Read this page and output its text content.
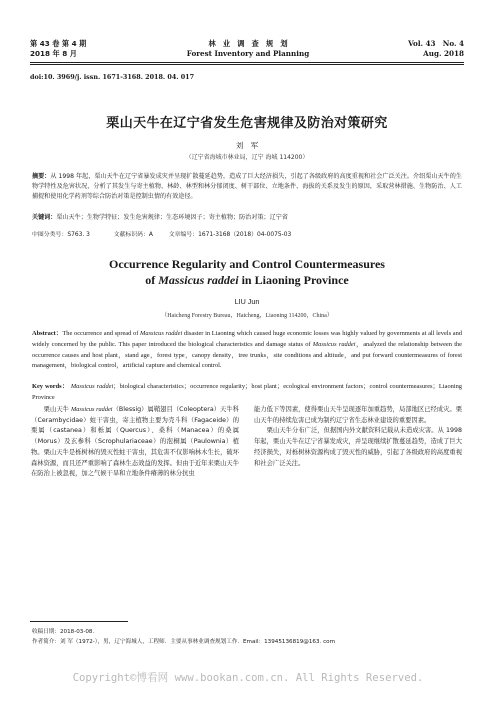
第 43 卷 第 4 期
2018 年 8 月
林　业　调　查　规　划
Forest Inventory and Planning
Vol. 43　No. 4
Aug. 2018
doi:10. 3969/j. issn. 1671-3168. 2018. 04. 017
栗山天牛在辽宁省发生危害规律及防治对策研究
刘　军
（辽宁省海城市林业局，辽宁 海城 114200）
摘要：从 1998 年起，栗山天牛在辽宁省暴发成灾并呈现扩散蔓延趋势，造成了巨大经济损失，引起了各级政府的高度重视和社会广泛关注。介绍栗山天牛的生物学特性及危害状况，分析了其发生与寄主植物、林龄、林型和林分郁闭度、树干部位、立地条件、海拔的关系及发生的原因，采取营林措施、生物防治、人工捕捉和使用化学药剂等综合防治对策是控制虫情的有效途径。
关键词：栗山天牛；生物学特征；发生危害规律；生态环境因子；寄主植物；防治对策；辽宁省
中图分类号：S763. 3	文献标识码：A	文章编号：1671-3168（2018）04-0075-03
Occurrence Regularity and Control Countermeasures
of Massicus raddei in Liaoning Province
LIU Jun
（Haicheng Forestry Bureau，Haicheng，Liaoning 114200，China）
Abstract：The occurrence and spread of Massicus raddei disaster in Liaoning which caused huge economic losses was highly valued by governments at all levels and widely concerned by the public. This paper introduced the biological characteristics and damage status of Massicus raddei，analyzed the relationship between the occurrence causes and host plant，stand age，forest type，canopy density，tree trunks，site conditions and altitude，and put forward countermeasures of forest management，biological control，artificial capture and chemical control.
Key words： Massicus raddei；biological characteristics；occurrence regularity；host plant；ecological environment factors；control countermeasures；Liaoning Province
　　栗山天牛 Massicus raddei（Blessig）属鞘翅目（Coleoptera）天牛科（Cerambycidae）蛀干害虫，寄主植物主要为壳斗科（Fagaceide）的栗属（castanea）和栎属（Quercus）、桑科（Manacea）的桑属（Morus）及玄参科（Scrophulariaceae）的泡桐属（Paulownia）植物。栗山天牛是栎树林的毁灭性蛀干害虫，其危害不仅影响林木生长，破坏森林资源，而且还严重影响了森林生态效益的发挥。但由于近年来栗山天牛在防治上被忽视，加之气候干旱和立地条件瘠薄的林分抗虫
能力低下等因素，使得栗山天牛呈现逐年加重趋势，局部地区已经成灾。栗山天牛的持续危害已成为制约辽宁省生态林业建设的重要因素。
　　栗山天牛分布广泛，但据国内外文献资料记载从未造成灾害。从 1998 年起，栗山天牛在辽宁省暴发成灾，并呈现继续扩散蔓延趋势，造成了巨大经济损失，对栎树林资源构成了毁灭性的威胁，引起了各级政府的高度重视和社会广泛关注。
收稿日期：2018-03-08.
作者简介：刘 军（1972-），男，辽宁海城人，工程师．主要从事林业调查规划工作．Email：13945136819@163. com
Copyright©博看网 www.bookan.com.cn. All Rights Reserved.
